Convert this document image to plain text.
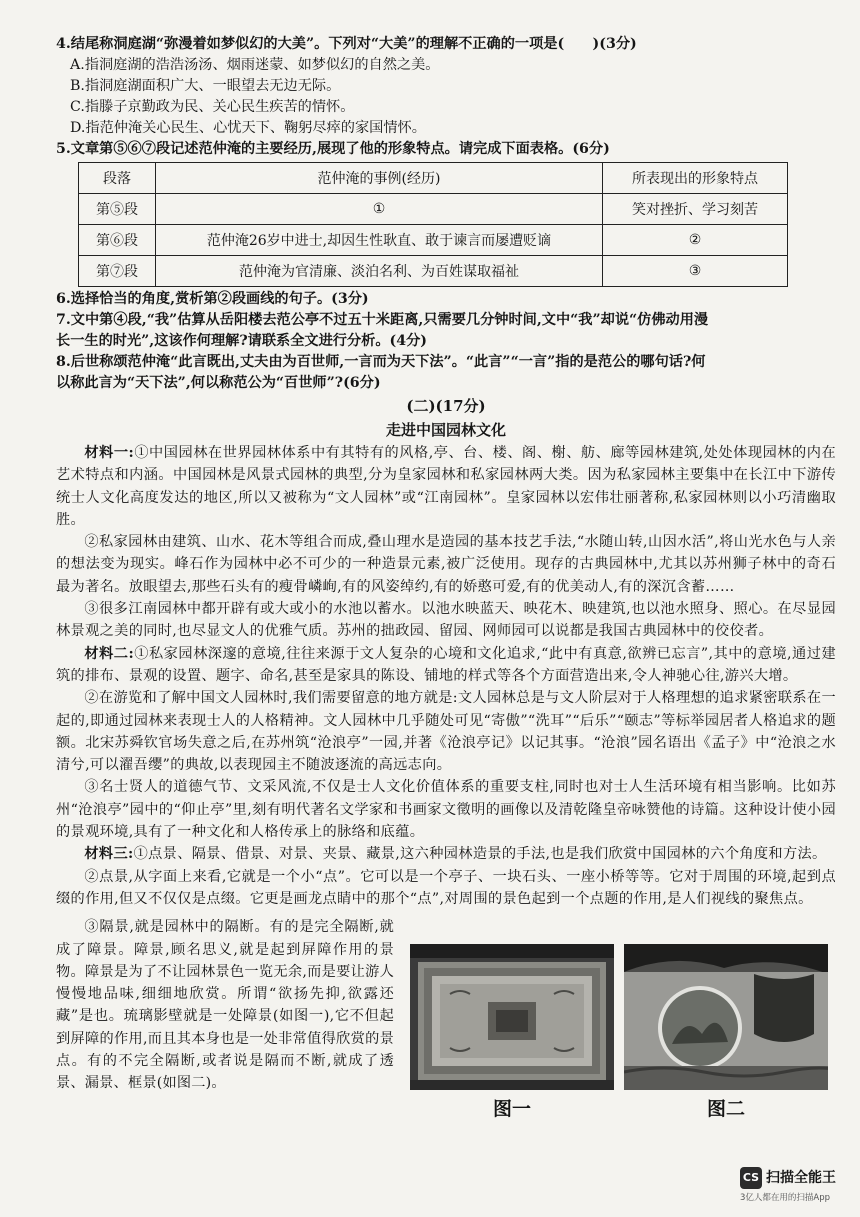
4.结尾称洞庭湖“弥漫着如梦似幻的大美”。下列对“大美”的理解不正确的一项是(　　)(3分)
A.指洞庭湖的浩浩汤汤、烟雨迷蒙、如梦似幻的自然之美。
B.指洞庭湖面积广大、一眼望去无边无际。
C.指滕子京勤政为民、关心民生疾苦的情怀。
D.指范仲淹关心民生、心忧天下、鞠躬尽瘁的家国情怀。
5.文章第⑤⑥⑦段记述范仲淹的主要经历,展现了他的形象特点。请完成下面表格。(6分)
段落	范仲淹的事例(经历)	所表现出的形象特点
第⑤段	①	笑对挫折、学习刻苦
第⑥段	范仲淹26岁中进士,却因生性耿直、敢于谏言而屡遭贬谪	②
第⑦段	范仲淹为官清廉、淡泊名利、为百姓谋取福祉	③
6.选择恰当的角度,赏析第②段画线的句子。(3分)
7.文中第④段,“我”估算从岳阳楼去范公亭不过五十米距离,只需要几分钟时间,文中“我”却说“仿佛动用漫
长一生的时光”,这该作何理解?请联系全文进行分析。(4分)
8.后世称颂范仲淹“此言既出,丈夫由为百世师,一言而为天下法”。“此言”“一言”指的是范公的哪句话?何
以称此言为“天下法”,何以称范公为“百世师”?(6分)
(二)(17分)
走进中国园林文化

材料一:①中国园林在世界园林体系中有其特有的风格,亭、台、楼、阁、榭、舫、廊等园林建筑,处处体现园林的内在艺术特点和内涵。中国园林是风景式园林的典型,分为皇家园林和私家园林两大类。因为私家园林主要集中在长江中下游传统士人文化高度发达的地区,所以又被称为“文人园林”或“江南园林”。皇家园林以宏伟壮丽著称,私家园林则以小巧清幽取胜。

②私家园林由建筑、山水、花木等组合而成,叠山理水是造园的基本技艺手法,“水随山转,山因水活”,将山光水色与人亲的想法变为现实。峰石作为园林中必不可少的一种造景元素,被广泛使用。现存的古典园林中,尤其以苏州狮子林中的奇石最为著名。放眼望去,那些石头有的瘦骨嶙峋,有的风姿绰约,有的娇憨可爱,有的优美动人,有的深沉含蓄……

③很多江南园林中都开辟有或大或小的水池以蓄水。以池水映蓝天、映花木、映建筑,也以池水照身、照心。在尽显园林景观之美的同时,也尽显文人的优雅气质。苏州的拙政园、留园、网师园可以说都是我国古典园林中的佼佼者。

材料二:①私家园林深邃的意境,往往来源于文人复杂的心境和文化追求,“此中有真意,欲辨已忘言”,其中的意境,通过建筑的排布、景观的设置、题字、命名,甚至是家具的陈设、铺地的样式等各个方面营造出来,令人神驰心往,游兴大增。

②在游览和了解中国文人园林时,我们需要留意的地方就是:文人园林总是与文人阶层对于人格理想的追求紧密联系在一起的,即通过园林来表现士人的人格精神。文人园林中几乎随处可见“寄傲”“洗耳”“后乐”“颐志”等标举园居者人格追求的题额。北宋苏舜钦官场失意之后,在苏州筑“沧浪亭”一园,并著《沧浪亭记》以记其事。“沧浪”园名语出《孟子》中“沧浪之水清兮,可以濯吾缨”的典故,以表现园主不随波逐流的高远志向。

③名士贤人的道德气节、文采风流,不仅是士人文化价值体系的重要支柱,同时也对士人生活环境有相当影响。比如苏州“沧浪亭”园中的“仰止亭”里,刻有明代著名文学家和书画家文徵明的画像以及清乾隆皇帝咏赞他的诗篇。这种设计使小园的景观环境,具有了一种文化和人格传承上的脉络和底蕴。

材料三:①点景、隔景、借景、对景、夹景、藏景,这六种园林造景的手法,也是我们欣赏中国园林的六个角度和方法。

②点景,从字面上来看,它就是一个小“点”。它可以是一个亭子、一块石头、一座小桥等等。它对于周围的环境,起到点缀的作用,但又不仅仅是点缀。它更是画龙点睛中的那个“点”,对周围的景色起到一个点题的作用,是人们视线的聚焦点。

③隔景,就是园林中的隔断。有的是完全隔断,就成了障景。障景,顾名思义,就是起到屏障作用的景物。障景是为了不让园林景色一览无余,而是要让游人慢慢地品味,细细地欣赏。所谓“欲扬先抑,欲露还藏”是也。琉璃影壁就是一处障景(如图一),它不但起到屏障的作用,而且其本身也是一处非常值得欣赏的景点。有的不完全隔断,或者说是隔而不断,就成了透景、漏景、框景(如图二)。

图一	图二
CS 扫描全能王
3亿人都在用的扫描App
